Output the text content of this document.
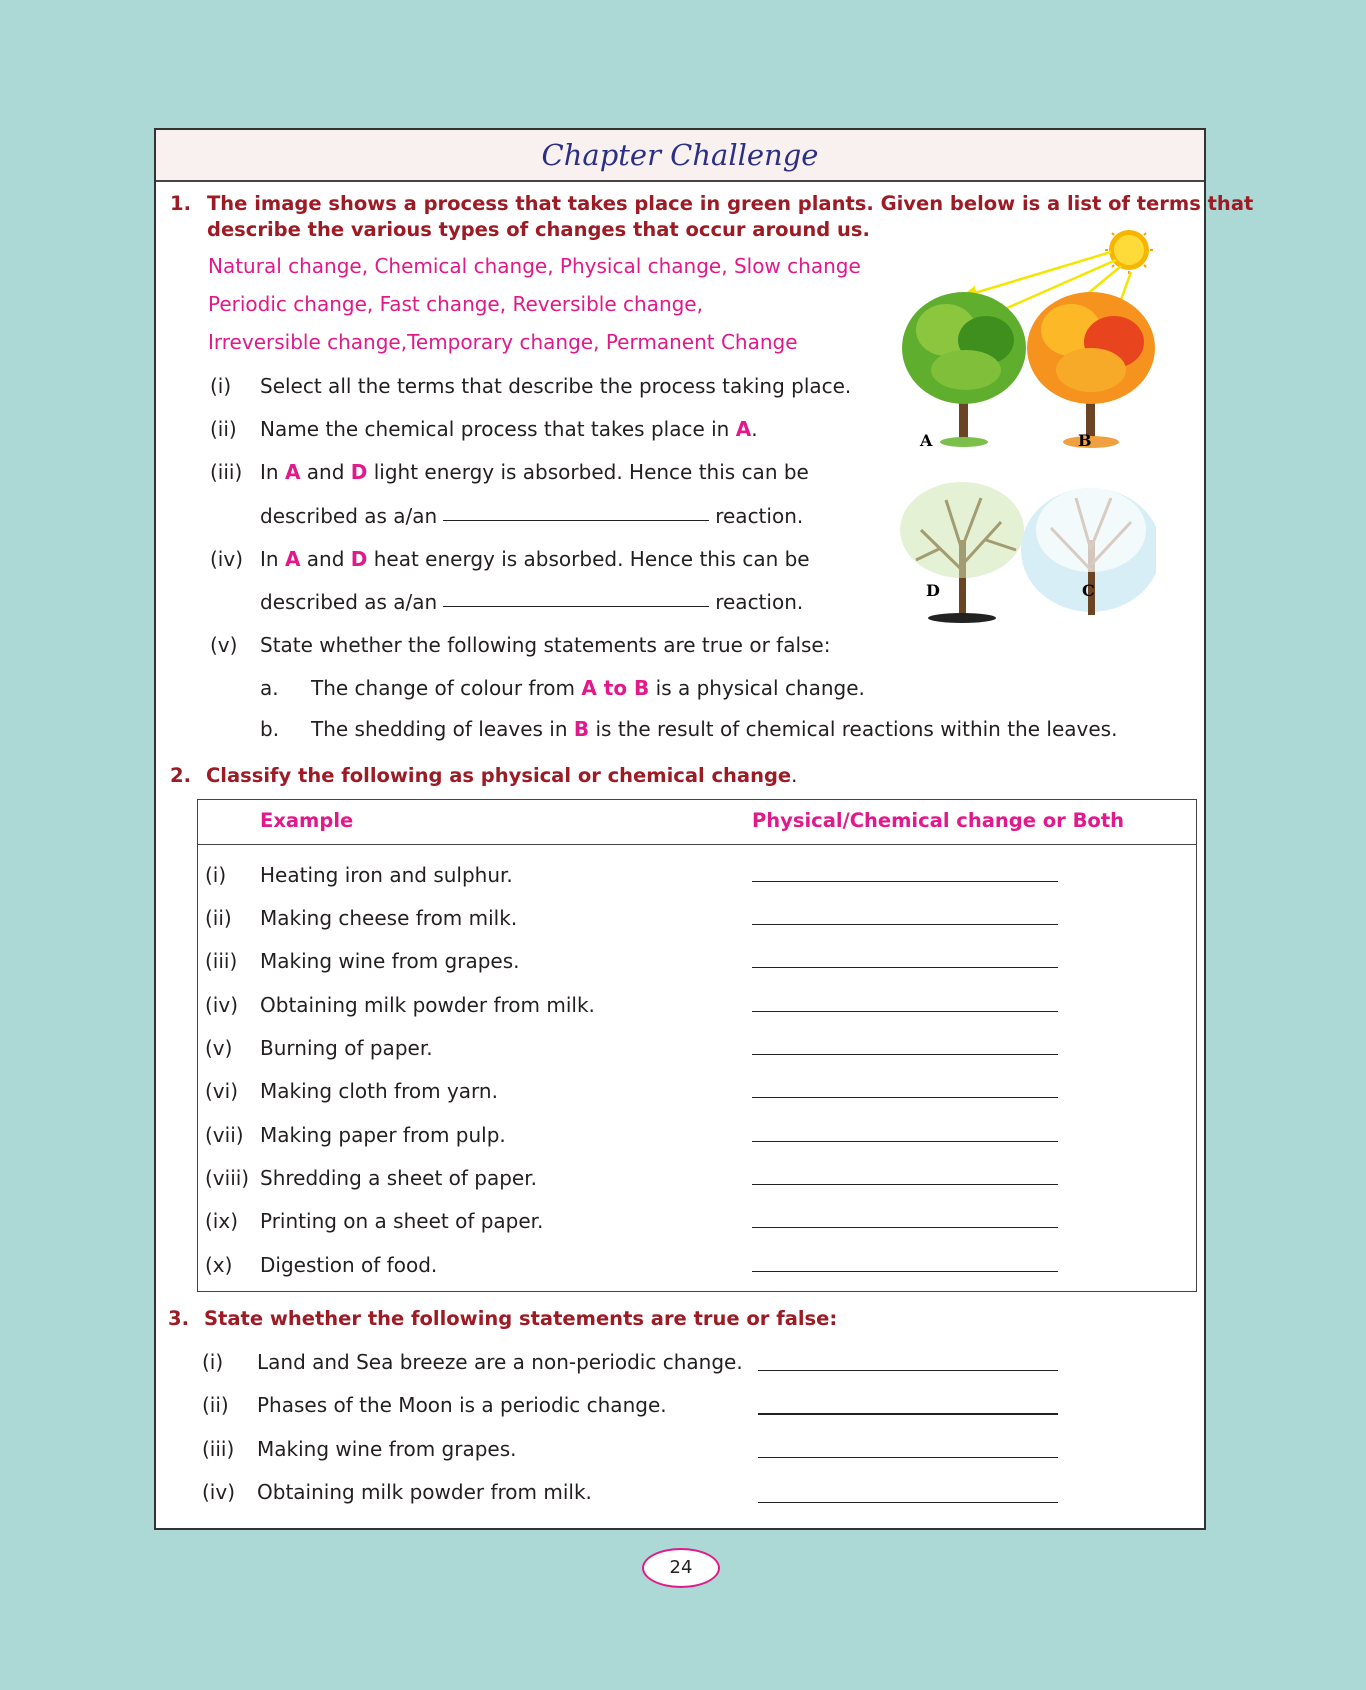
Chapter Challenge
1. The image shows a process that takes place in green plants. Given below is a list of terms that
describe the various types of changes that occur around us.
Natural change, Chemical change, Physical change, Slow change
Periodic change, Fast change, Reversible change,
Irreversible change,Temporary change, Permanent Change
(i) Select all the terms that describe the process taking place.
(ii) Name the chemical process that takes place in A.
(iii) In A and D light energy is absorbed. Hence this can be
described as a/an	reaction.
(iv) In A and D heat energy is absorbed. Hence this can be
described as a/an	reaction.
(v) State whether the following statements are true or false:
a. The change of colour from A to B is a physical change.
b. The shedding of leaves in B is the result of chemical reactions within the leaves.
D	C
A	B
2. Classify the following as physical or chemical change.
Example	Physical/Chemical change or Both
(i) Heating iron and sulphur.
(ii) Making cheese from milk.
(iii) Making wine from grapes.
(iv) Obtaining milk powder from milk.
(v) Burning of paper.
(vi) Making cloth from yarn.
(vii) Making paper from pulp.
(viii) Shredding a sheet of paper.
(ix) Printing on a sheet of paper.
(x) Digestion of food.
3. State whether the following statements are true or false:
(i) Land and Sea breeze are a non-periodic change.
(ii) Phases of the Moon is a periodic change.
(iii) Making wine from grapes.
(iv) Obtaining milk powder from milk.
24
